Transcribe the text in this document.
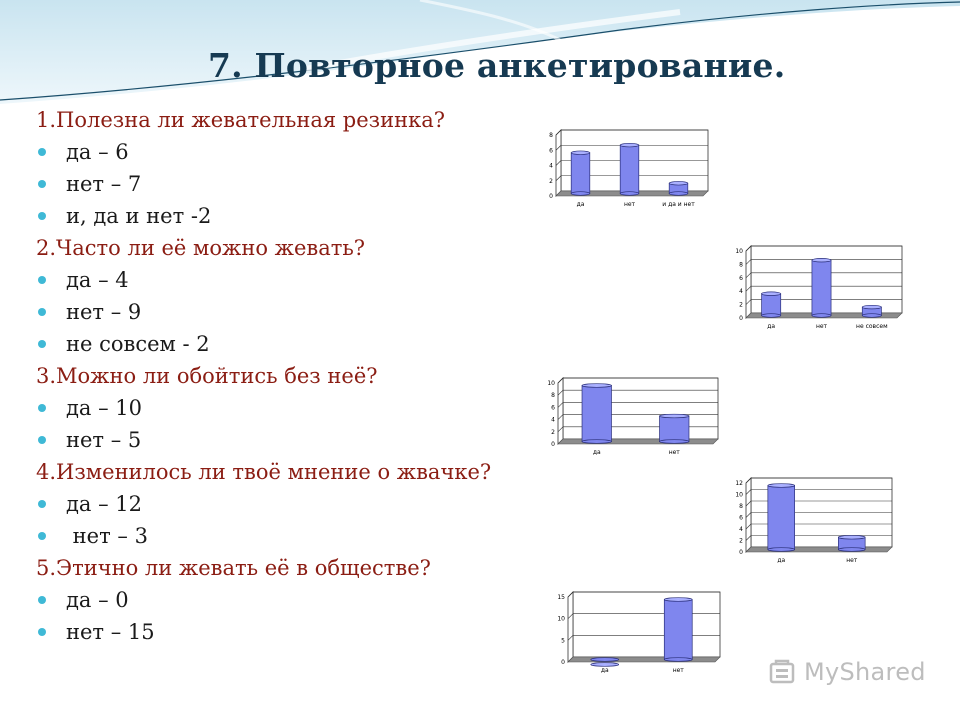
7. Повторное анкетирование.
1.Полезна ли жевательная резинка?
да – 6
нет – 7
и, да и нет -2
2.Часто ли её можно жевать?
да – 4
нет – 9
не совсем - 2
3.Можно ли обойтись без неё?
да – 10
нет – 5
4.Изменилось ли твоё мнение о жвачке?
да – 12
нет – 3
5.Этично ли жевать её в обществе?
да – 0
нет – 15
0
2
4
6
8
да	нет	и да и нет
0
2
4
6
8
10
да	нет	не совсем
0
2
4
6
8
10
да	нет
0
2
4
6
8
10
12
да	нет
0
5
10
15
да	нет	MyShared
